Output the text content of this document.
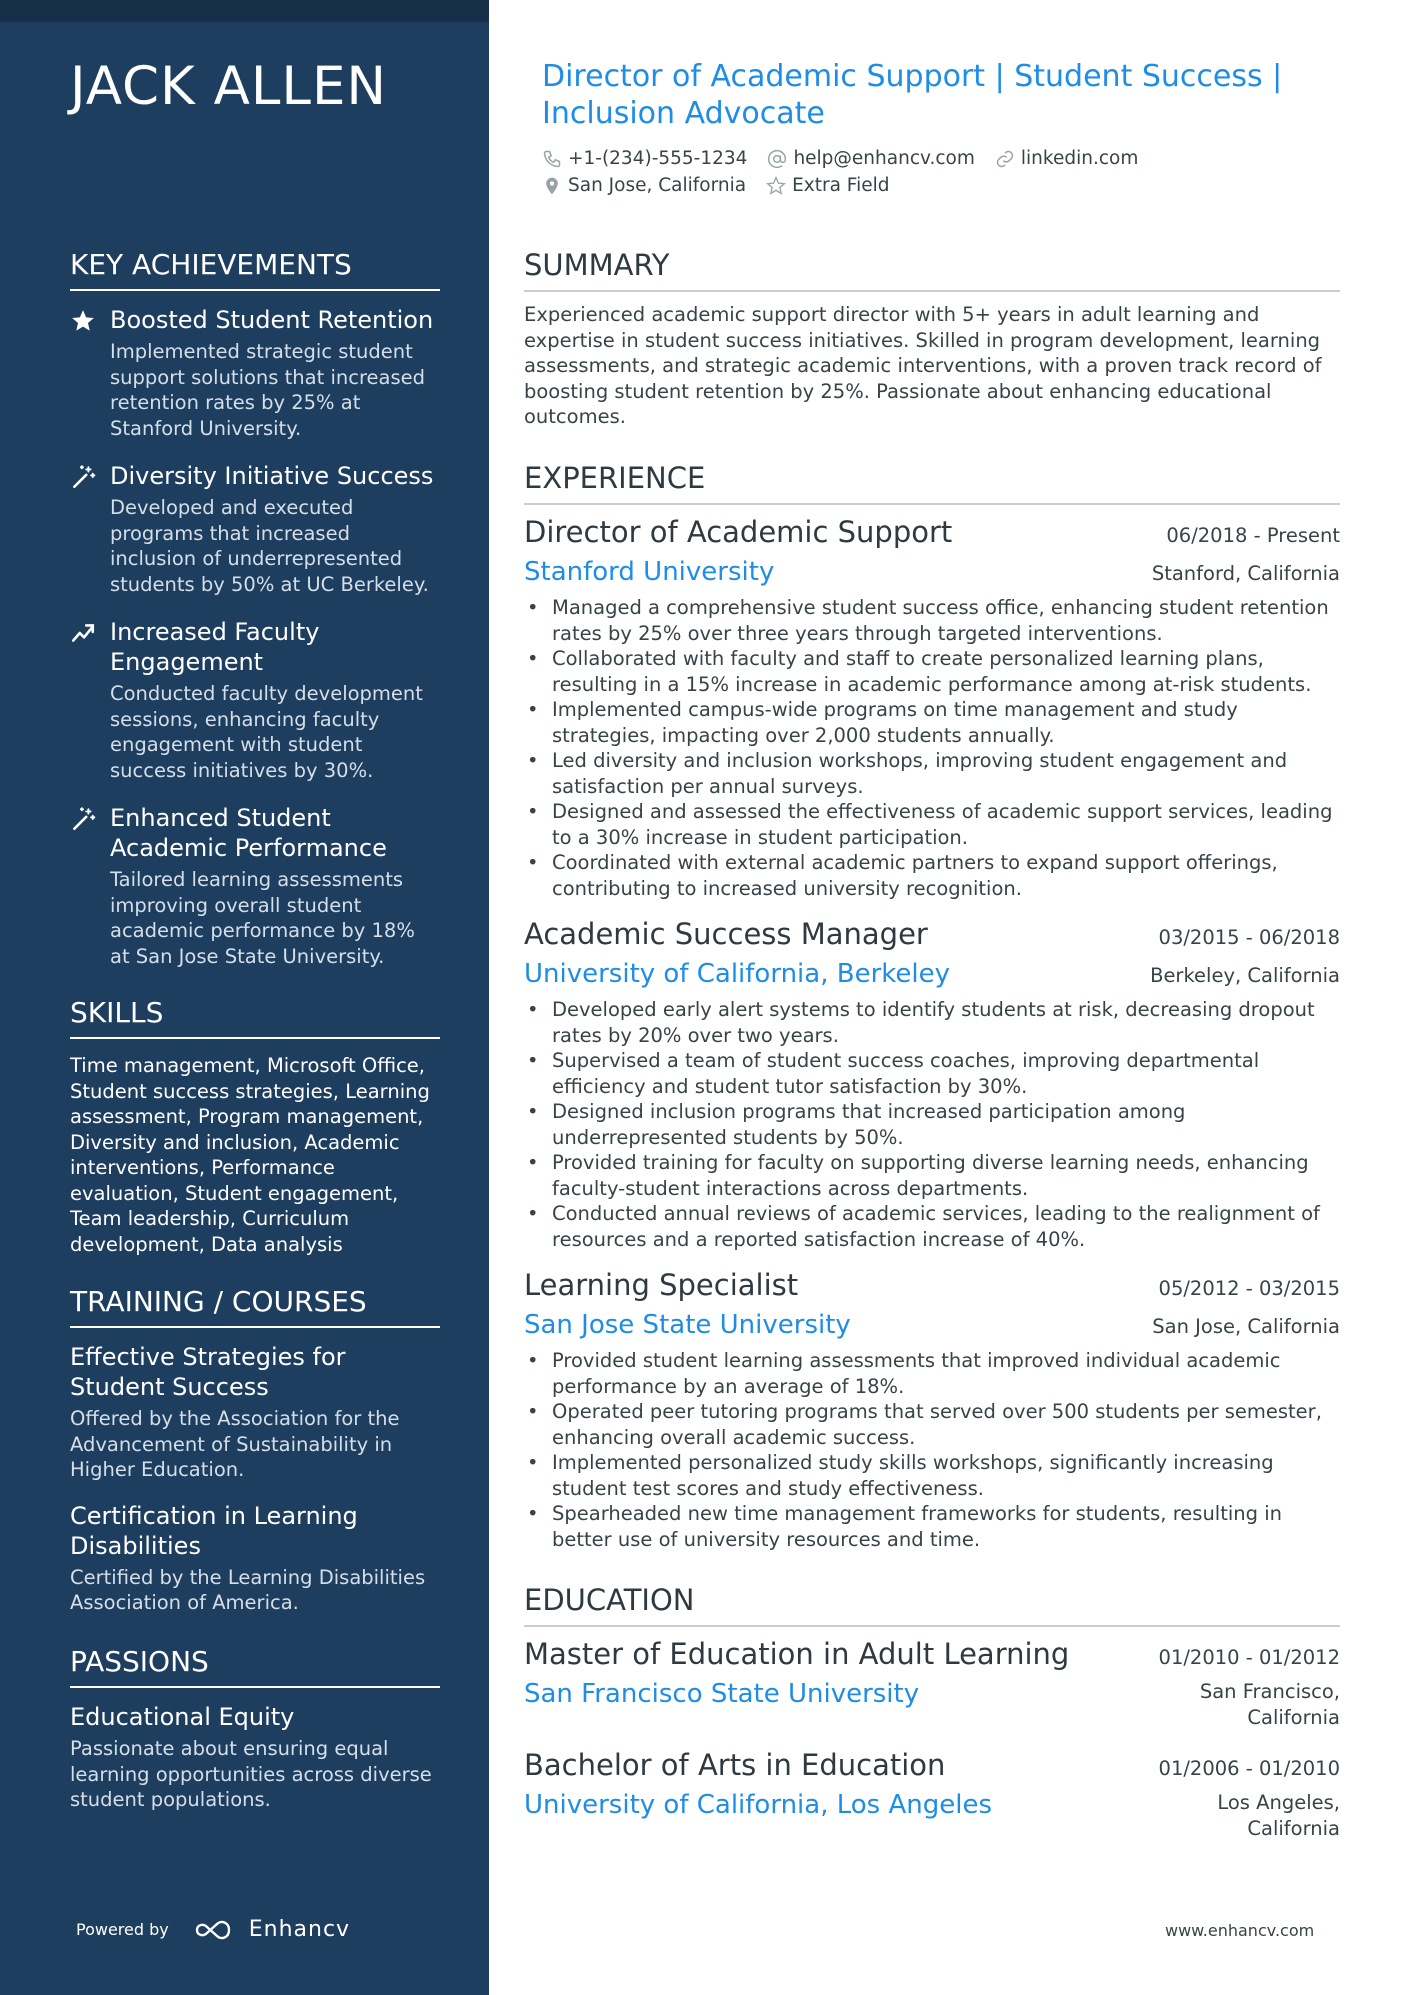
JACK ALLEN
KEY ACHIEVEMENTS
Boosted Student Retention
Implemented strategic student support solutions that increased retention rates by 25% at Stanford University.
Diversity Initiative Success
Developed and executed programs that increased inclusion of underrepresented students by 50% at UC Berkeley.
Increased Faculty Engagement
Conducted faculty development sessions, enhancing faculty engagement with student success initiatives by 30%.
Enhanced Student Academic Performance
Tailored learning assessments improving overall student academic performance by 18% at San Jose State University.
SKILLS
Time management, Microsoft Office, Student success strategies, Learning assessment, Program management, Diversity and inclusion, Academic interventions, Performance evaluation, Student engagement, Team leadership, Curriculum development, Data analysis
TRAINING / COURSES
Effective Strategies for Student Success
Offered by the Association for the Advancement of Sustainability in Higher Education.
Certification in Learning Disabilities
Certified by the Learning Disabilities Association of America.
PASSIONS
Educational Equity
Passionate about ensuring equal learning opportunities across diverse student populations.
Powered by	Enhancv
Director of Academic Support | Student Success | Inclusion Advocate
+1-(234)-555-1234 help@enhancv.com linkedin.com
San Jose, California Extra Field
SUMMARY
Experienced academic support director with 5+ years in adult learning and expertise in student success initiatives. Skilled in program development, learning assessments, and strategic academic interventions, with a proven track record of boosting student retention by 25%. Passionate about enhancing educational outcomes.
EXPERIENCE
Director of Academic Support	06/2018 - Present
Stanford University	Stanford, California
• Managed a comprehensive student success office, enhancing student retention rates by 25% over three years through targeted interventions.
• Collaborated with faculty and staff to create personalized learning plans, resulting in a 15% increase in academic performance among at-risk students.
• Implemented campus-wide programs on time management and study strategies, impacting over 2,000 students annually.
• Led diversity and inclusion workshops, improving student engagement and satisfaction per annual surveys.
• Designed and assessed the effectiveness of academic support services, leading to a 30% increase in student participation.
• Coordinated with external academic partners to expand support offerings, contributing to increased university recognition.
Academic Success Manager	03/2015 - 06/2018
University of California, Berkeley	Berkeley, California
• Developed early alert systems to identify students at risk, decreasing dropout rates by 20% over two years.
• Supervised a team of student success coaches, improving departmental efficiency and student tutor satisfaction by 30%.
• Designed inclusion programs that increased participation among underrepresented students by 50%.
• Provided training for faculty on supporting diverse learning needs, enhancing faculty-student interactions across departments.
• Conducted annual reviews of academic services, leading to the realignment of resources and a reported satisfaction increase of 40%.
Learning Specialist	05/2012 - 03/2015
San Jose State University	San Jose, California
• Provided student learning assessments that improved individual academic performance by an average of 18%.
• Operated peer tutoring programs that served over 500 students per semester, enhancing overall academic success.
• Implemented personalized study skills workshops, significantly increasing student test scores and study effectiveness.
• Spearheaded new time management frameworks for students, resulting in better use of university resources and time.
EDUCATION
Master of Education in Adult Learning	01/2010 - 01/2012
San Francisco State University	San Francisco, California
Bachelor of Arts in Education	01/2006 - 01/2010
University of California, Los Angeles	Los Angeles, California
www.enhancv.com
